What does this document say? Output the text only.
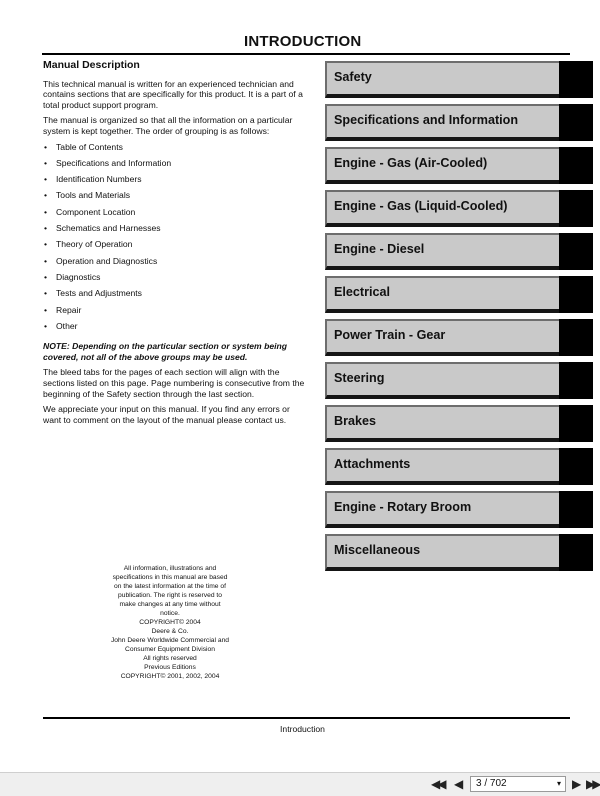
INTRODUCTION
Manual Description

This technical manual is written for an experienced technician and contains sections that are specifically for this product. It is a part of a total product support program.

The manual is organized so that all the information on a particular system is kept together. The order of grouping is as follows:

• Table of Contents
• Specifications and Information
• Identification Numbers
• Tools and Materials
• Component Location
• Schematics and Harnesses
• Theory of Operation
• Operation and Diagnostics
• Diagnostics
• Tests and Adjustments
• Repair
• Other

NOTE: Depending on the particular section or system being covered, not all of the above groups may be used.

The bleed tabs for the pages of each section will align with the sections listed on this page. Page numbering is consecutive from the beginning of the Safety section through the last section.

We appreciate your input on this manual. If you find any errors or want to comment on the layout of the manual please contact us.

Safety
Specifications and Information
Engine - Gas (Air-Cooled)
Engine - Gas (Liquid-Cooled)
Engine - Diesel
Electrical
Power Train - Gear
Steering
Brakes
Attachments
Engine - Rotary Broom
Miscellaneous
All information, illustrations and
specifications in this manual are based
on the latest information at the time of
publication. The right is reserved to
make changes at any time without
notice.
COPYRIGHT© 2004
Deere & Co.
John Deere Worldwide Commercial and
Consumer Equipment Division
All rights reserved
Previous Editions
COPYRIGHT© 2001, 2002, 2004
Introduction
◀◀ ◀	3 / 702	▾ ▶ ▶▶
